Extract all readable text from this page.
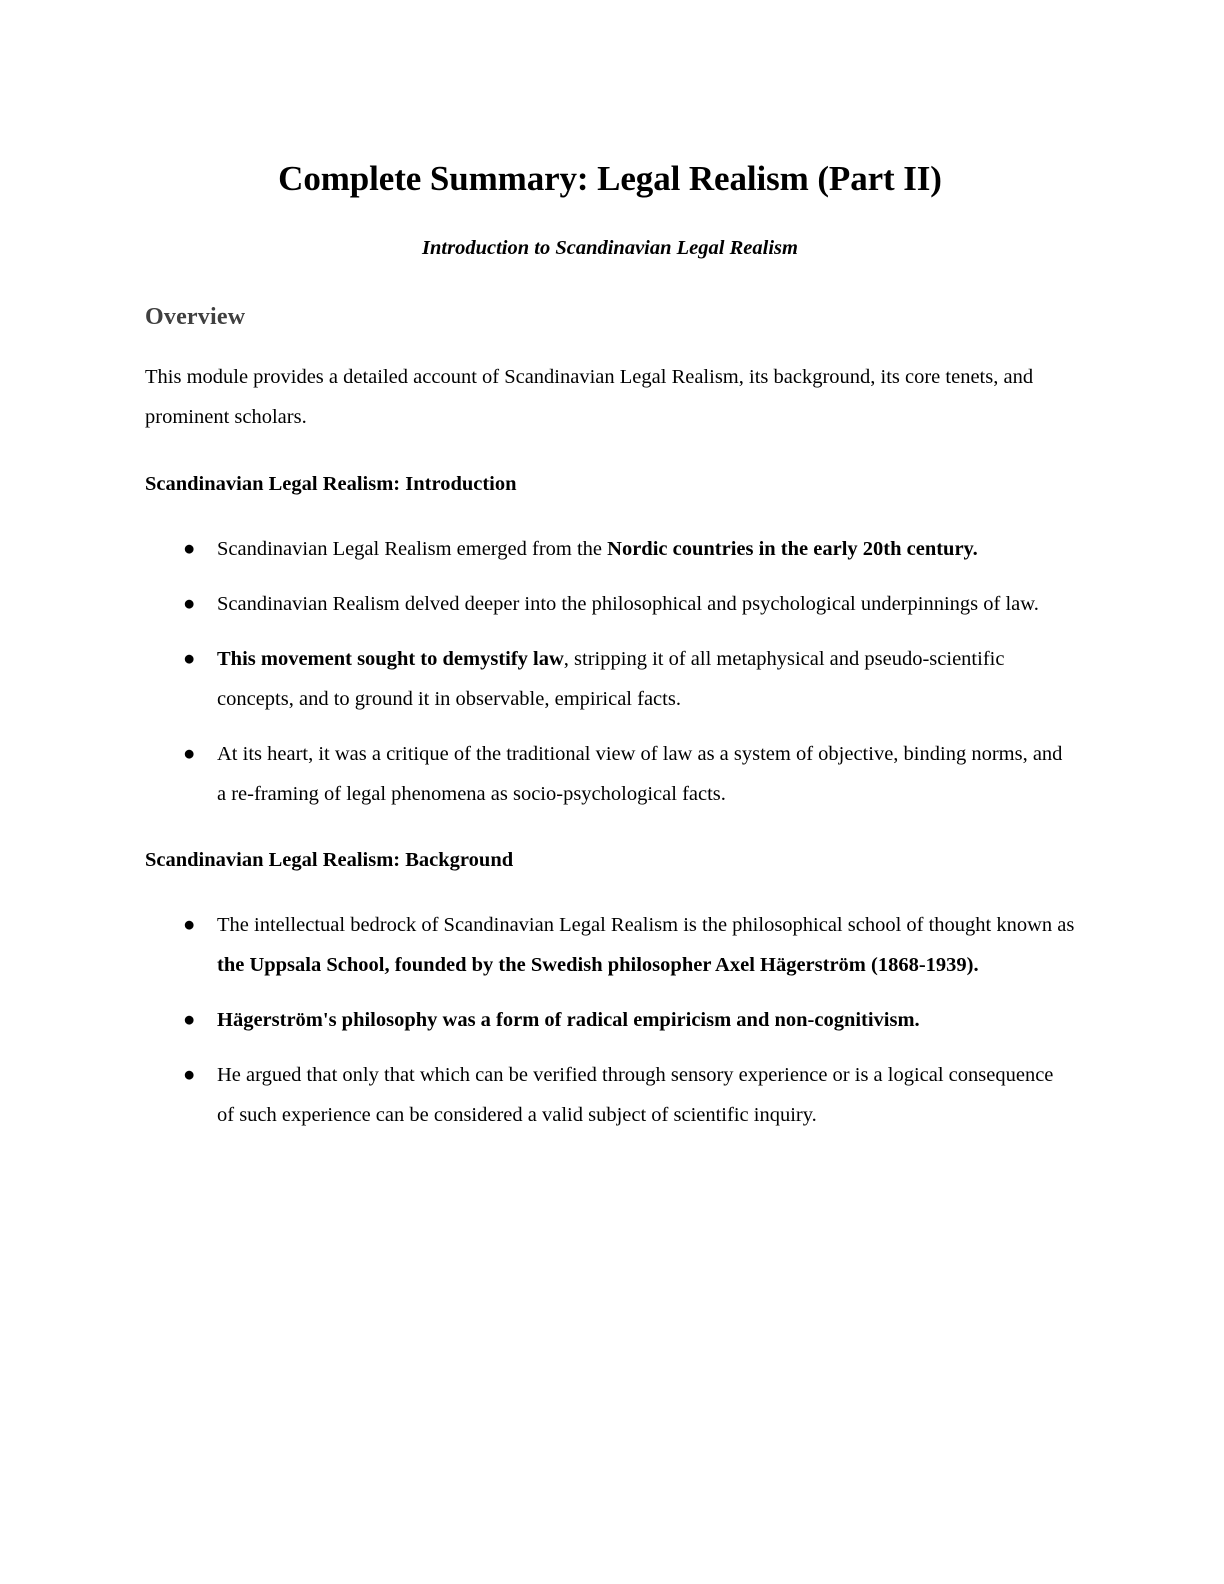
Complete Summary: Legal Realism (Part II)

Introduction to Scandinavian Legal Realism

Overview

This module provides a detailed account of Scandinavian Legal Realism, its background, its core tenets, and prominent scholars.

Scandinavian Legal Realism: Introduction
● Scandinavian Legal Realism emerged from the Nordic countries in the early 20th century.
● Scandinavian Realism delved deeper into the philosophical and psychological underpinnings of law.
● This movement sought to demystify law, stripping it of all metaphysical and pseudo-scientific concepts, and to ground it in observable, empirical facts.
● At its heart, it was a critique of the traditional view of law as a system of objective, binding norms, and a re-framing of legal phenomena as socio-psychological facts.
Scandinavian Legal Realism: Background
● The intellectual bedrock of Scandinavian Legal Realism is the philosophical school of thought known as the Uppsala School, founded by the Swedish philosopher Axel Hägerström (1868-1939).
● Hägerström's philosophy was a form of radical empiricism and non-cognitivism.
● He argued that only that which can be verified through sensory experience or is a logical consequence of such experience can be considered a valid subject of scientific inquiry.
